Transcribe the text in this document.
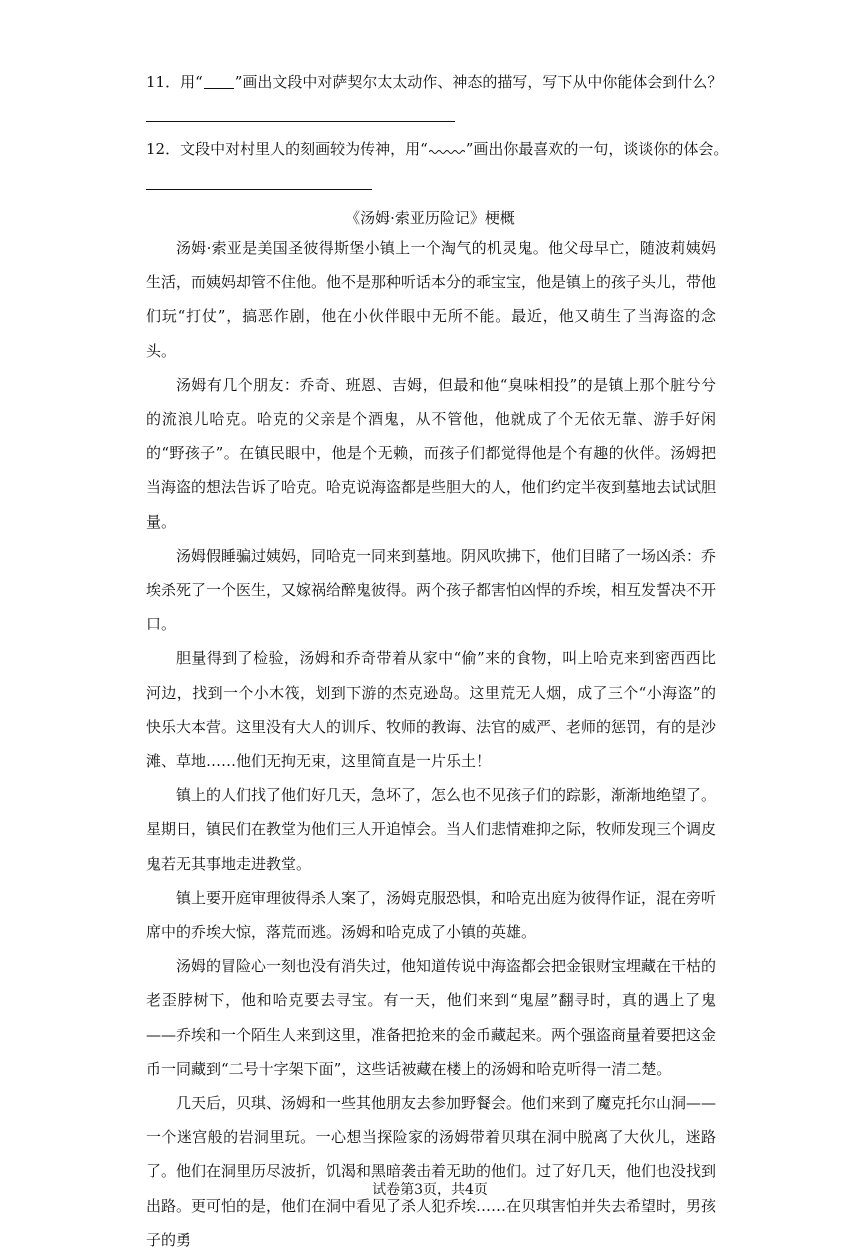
11．用“ ”画出文段中对萨契尔太太动作、神态的描写，写下从中你能体会到什么？
12．文段中对村里人的刻画较为传神，用“	”画出你最喜欢的一句，谈谈你的体会。
《汤姆·索亚历险记》梗概

汤姆·索亚是美国圣彼得斯堡小镇上一个淘气的机灵鬼。他父母早亡，随波莉姨妈生活，而姨妈却管不住他。他不是那种听话本分的乖宝宝，他是镇上的孩子头儿，带他们玩“打仗”，搞恶作剧，他在小伙伴眼中无所不能。最近，他又萌生了当海盗的念头。

汤姆有几个朋友：乔奇、班恩、吉姆，但最和他“臭味相投”的是镇上那个脏兮兮的流浪儿哈克。哈克的父亲是个酒鬼，从不管他，他就成了个无依无靠、游手好闲的“野孩子”。在镇民眼中，他是个无赖，而孩子们都觉得他是个有趣的伙伴。汤姆把当海盗的想法告诉了哈克。哈克说海盗都是些胆大的人，他们约定半夜到墓地去试试胆量。

汤姆假睡骗过姨妈，同哈克一同来到墓地。阴风吹拂下，他们目睹了一场凶杀：乔埃杀死了一个医生，又嫁祸给醉鬼彼得。两个孩子都害怕凶悍的乔埃，相互发誓决不开口。

胆量得到了检验，汤姆和乔奇带着从家中“偷”来的食物，叫上哈克来到密西西比河边，找到一个小木筏，划到下游的杰克逊岛。这里荒无人烟，成了三个“小海盗”的快乐大本营。这里没有大人的训斥、牧师的教诲、法官的威严、老师的惩罚，有的是沙滩、草地……他们无拘无束，这里简直是一片乐土！

镇上的人们找了他们好几天，急坏了，怎么也不见孩子们的踪影，渐渐地绝望了。星期日，镇民们在教堂为他们三人开追悼会。当人们悲情难抑之际，牧师发现三个调皮鬼若无其事地走进教堂。

镇上要开庭审理彼得杀人案了，汤姆克服恐惧，和哈克出庭为彼得作证，混在旁听席中的乔埃大惊，落荒而逃。汤姆和哈克成了小镇的英雄。

汤姆的冒险心一刻也没有消失过，他知道传说中海盗都会把金银财宝埋藏在干枯的老歪脖树下，他和哈克要去寻宝。有一天，他们来到“鬼屋”翻寻时，真的遇上了鬼——乔埃和一个陌生人来到这里，准备把抢来的金币藏起来。两个强盗商量着要把这金币一同藏到“二号十字架下面”，这些话被藏在楼上的汤姆和哈克听得一清二楚。

几天后，贝琪、汤姆和一些其他朋友去参加野餐会。他们来到了魔克托尔山洞——一个迷宫般的岩洞里玩。一心想当探险家的汤姆带着贝琪在洞中脱离了大伙儿，迷路了。他们在洞里历尽波折，饥渴和黑暗袭击着无助的他们。过了好几天，他们也没找到出路。更可怕的是，他们在洞中看见了杀人犯乔埃……在贝琪害怕并失去希望时，男孩子的勇

试卷第3页，共4页
